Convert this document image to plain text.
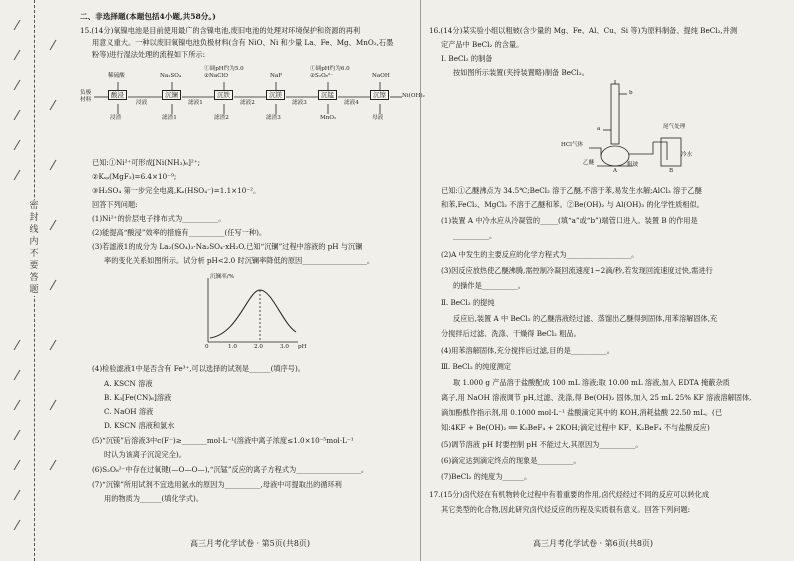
密封线内不要答题
二、非选择题(本题包括4小题,共58分。)
15.(14分)氧镍电池是目前使用最广的含镍电池,废旧电池的处理对环境保护和资源的再利
用意义重大。一种以废旧氧镍电池负极材料(含有 NiO、Ni 和少量 La、Fe、Mg、MnO₂,石墨
粉等)进行湿法处理的流程如下所示:
负极 材料
酸浸	沉镧	沉铁	沉镁	沉锰	沉镍	Ni(OH)₂
稀硫酸	Na₂SO₄
①调pH约为5.0
②NaClO	NaF
①调pH约为6.0
②S₂O₈²⁻	NaOH
浸液	滤液1	滤液2	滤液3	滤液4
浸渣	滤渣1	滤渣2	滤渣3	MnO₂	母液
已知:①Ni²⁺可形成[Ni(NH₃)₆]²⁺;
②Kₛₚ(MgF₂)=6.4×10⁻⁹;
③H₂SO₄ 第一步完全电离,Kₐ(HSO₄⁻)=1.1×10⁻²。
回答下列问题:
(1)Ni²⁺的价层电子排布式为__________。
(2)能提高“酸浸”效率的措施有__________(任写一种)。
(3)若滤液1的成分为 La₂(SO₄)₃·Na₂SO₄·xH₂O,已知“沉镧”过程中溶液的 pH 与沉镧
率的变化关系如图所示。试分析 pH<2.0 时沉镧率降低的原因__________________。
沉镧率/%
pH
0	1.0	2.0	3.0
(4)检验滤液1中是否含有 Fe³⁺,可以选择的试剂是______(填序号)。
A. KSCN 溶液
B. K₃[Fe(CN)₆]溶液
C. NaOH 溶液
D. KSCN 溶液和氯水
(5)“沉镁”后溶液3中c(F⁻)≥_______mol·L⁻¹(溶液中离子浓度≤1.0×10⁻⁵mol·L⁻¹
时认为该离子沉淀完全)。
(6)S₂O₈²⁻中存在过氧键(—O—O—),“沉锰”反应的离子方程式为__________________。
(7)“沉镍”所用试剂不宜选用氨水的原因为__________,母液中可提取出的循环利
用的物质为______(填化学式)。
高三月考化学试卷 · 第5页(共8页)
16.(14分)某实验小组以粗铍(含少量的 Mg、Fe、Al、Cu、Si 等)为原料制备、提纯 BeCl₂,并测
定产品中 BeCl₂ 的含量。
Ⅰ. BeCl₂ 的制备
按如图所示装置(夹持装置略)制备 BeCl₂。
HCl气体
乙醚	粗铍
b
a	尾气处理
冷水
A	B
已知:①乙醚沸点为 34.5℃;BeCl₂ 溶于乙醚,不溶于苯,易发生水解;AlCl₃ 溶于乙醚
和苯,FeCl₂、MgCl₂ 不溶于乙醚和苯。②Be(OH)₂ 与 Al(OH)₃ 的化学性质相似。
(1)装置 A 中冷水应从冷凝管的_____(填“a”或“b”)端管口进入。装置 B 的作用是
__________。
(2)A 中发生的主要反应的化学方程式为__________________。
(3)因反应放热使乙醚沸腾,需控制冷凝回流速度1~2滴/秒,若发现回流速度过快,需进行
的操作是__________。
Ⅱ. BeCl₂ 的提纯
反应后,装置 A 中 BeCl₂ 的乙醚溶液经过滤、蒸馏出乙醚得到固体,用苯溶解固体,充
分搅拌后过滤、洗涤、干燥得 BeCl₂ 粗品。
(4)用苯溶解固体,充分搅拌后过滤,目的是__________。
Ⅲ. BeCl₂ 的纯度测定
取 1.000 g 产品溶于盐酸配成 100 mL 溶液;取 10.00 mL 溶液,加入 EDTA 掩蔽杂质
离子,用 NaOH 溶液调节 pH,过滤、洗涤,得 Be(OH)₂ 固体,加入 25 mL 25% KF 溶液溶解固体,
滴加酚酞作指示剂,用 0.1000 mol·L⁻¹ 盐酸滴定其中的 KOH,消耗盐酸 22.50 mL。(已
知:4KF + Be(OH)₂ ══ K₂BeF₄ + 2KOH;滴定过程中 KF、K₂BeF₄ 不与盐酸反应)
(5)调节溶液 pH 时要控制 pH 不能过大,其原因为__________。
(6)滴定达到滴定终点的现象是__________。
(7)BeCl₂ 的纯度为______。
17.(15分)卤代烃在有机物转化过程中有着重要的作用,卤代烃经过不同的反应可以转化成
其它类型的化合物,因此研究卤代烃反应的历程及实质很有意义。回答下列问题:
高三月考化学试卷 · 第6页(共8页)
